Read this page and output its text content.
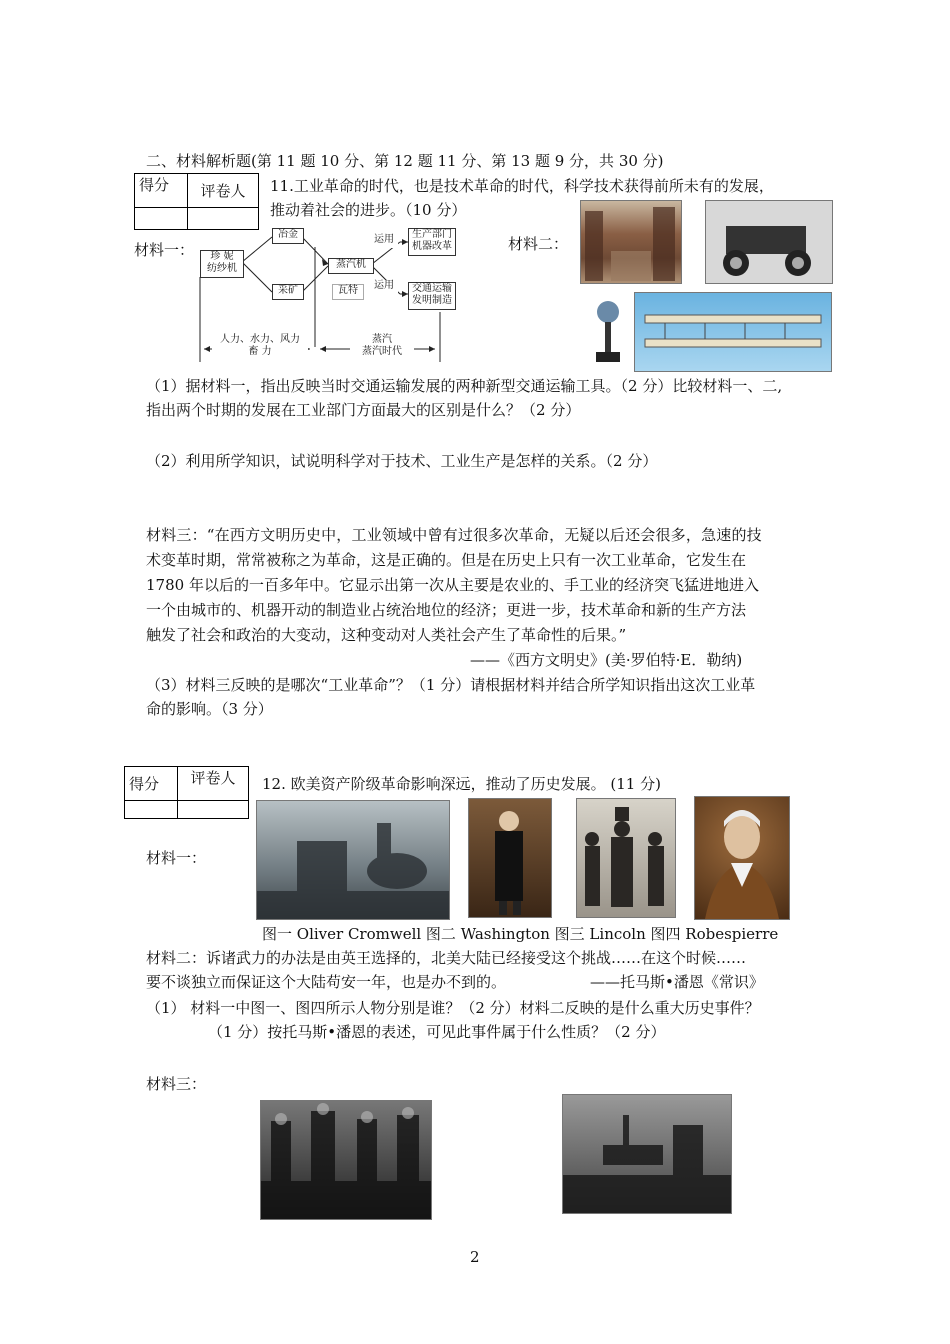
二、材料解析题(第 11 题 10 分、第 12 题 11 分、第 13 题 9 分，共 30 分)
得分	评卷人
	11.工业革命的时代，也是技术革命的时代，科学技术获得前所未有的发展，
推动着社会的进步。（10 分）
材料一：	珍 妮
纺纱机
冶金
采矿
蒸汽机
瓦特
运用
运用
生产部门
机器改革
交通运输
发明制造
人力、水力、风力
畜 力
蒸汽
蒸汽时代
材料二：
（1）据材料一，指出反映当时交通运输发展的两种新型交通运输工具。（2 分）比较材料一、二,
指出两个时期的发展在工业部门方面最大的区别是什么？（2 分）
（2）利用所学知识，试说明科学对于技术、工业生产是怎样的关系。（2 分）
材料三：“在西方文明历史中，工业领域中曾有过很多次革命，无疑以后还会很多，急速的技
术变革时期，常常被称之为革命，这是正确的。但是在历史上只有一次工业革命，它发生在
1780 年以后的一百多年中。它显示出第一次从主要是农业的、手工业的经济突飞猛进地进入
一个由城市的、机器开动的制造业占统治地位的经济；更进一步，技术革命和新的生产方法
触发了社会和政治的大变动，这种变动对人类社会产生了革命性的后果。”
——《西方文明史》(美·罗伯特·E．勒纳)
（3）材料三反映的是哪次“工业革命”？（1 分）请根据材料并结合所学知识指出这次工业革
命的影响。（3 分）
得分	评卷人
	12. 欧美资产阶级革命影响深远，推动了历史发展。 (11 分)
材料一：
图一 Oliver Cromwell 图二 Washington 图三 Lincoln 图四 Robespierre
材料二：诉诸武力的办法是由英王选择的，北美大陆已经接受这个挑战……在这个时候……
要不谈独立而保证这个大陆苟安一年，也是办不到的。	——托马斯•潘恩《常识》
（1） 材料一中图一、图四所示人物分别是谁？（2 分）材料二反映的是什么重大历史事件？
（1 分）按托马斯•潘恩的表述，可见此事件属于什么性质？（2 分）
材料三：
2
